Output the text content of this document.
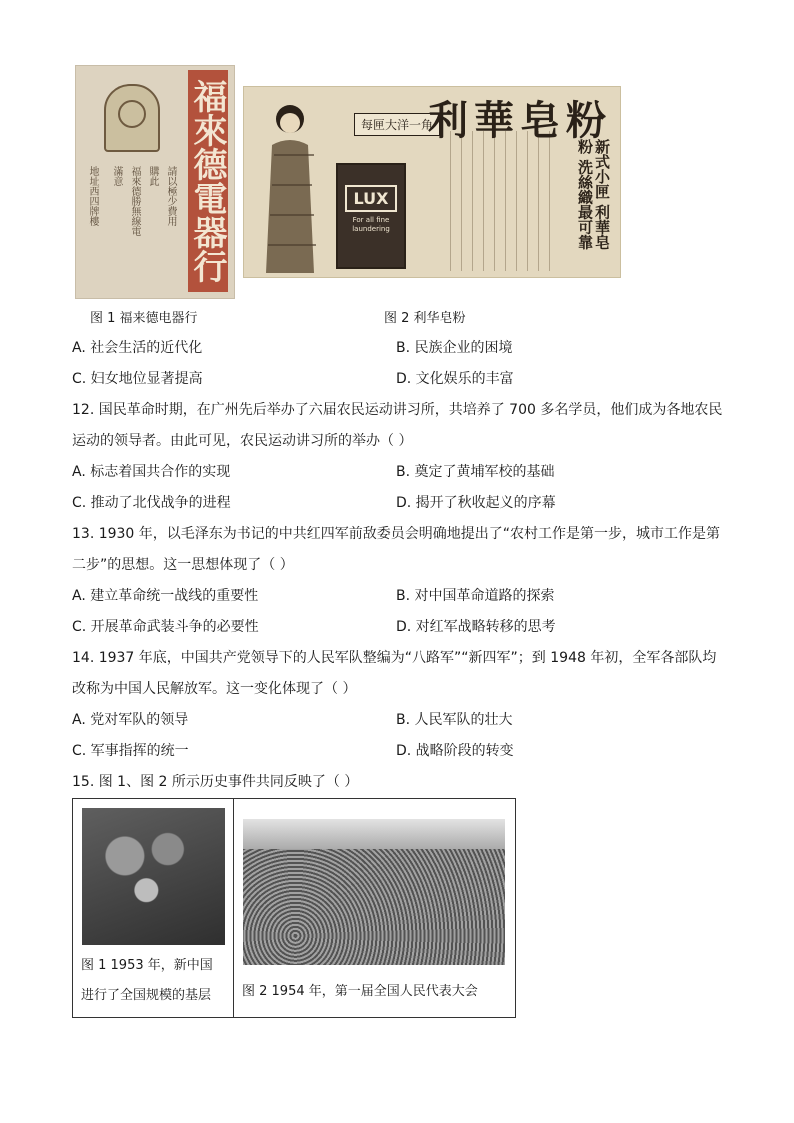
地址西四牌樓	請以極少費用
購此
福來德勝無線電
滿意 福來德電器行	每匣大洋一角
LUX
For all fine laundering	新式小匣 利華皂粉 洗絲織最可靠
利華皂粉
图 1 福来德电器行	图 2 利华皂粉
A. 社会生活的近代化	B. 民族企业的困境
C. 妇女地位显著提高	D. 文化娱乐的丰富
12. 国民革命时期，在广州先后举办了六届农民运动讲习所，共培养了 700 多名学员，他们成为各地农民
运动的领导者。由此可见，农民运动讲习所的举办（ ）
A. 标志着国共合作的实现	B. 奠定了黄埔军校的基础
C. 推动了北伐战争的进程	D. 揭开了秋收起义的序幕
13. 1930 年，以毛泽东为书记的中共红四军前敌委员会明确地提出了“农村工作是第一步，城市工作是第
二步”的思想。这一思想体现了（ ）
A. 建立革命统一战线的重要性	B. 对中国革命道路的探索
C. 开展革命武装斗争的必要性	D. 对红军战略转移的思考
14. 1937 年底，中国共产党领导下的人民军队整编为“八路军”“新四军”；到 1948 年初，全军各部队均
改称为中国人民解放军。这一变化体现了（ ）
A. 党对军队的领导	B. 人民军队的壮大
C. 军事指挥的统一	D. 战略阶段的转变
15. 图 1、图 2 所示历史事件共同反映了（ ）
图 1 1953 年，新中国
进行了全国规模的基层 图 2 1954 年，第一届全国人民代表大会
